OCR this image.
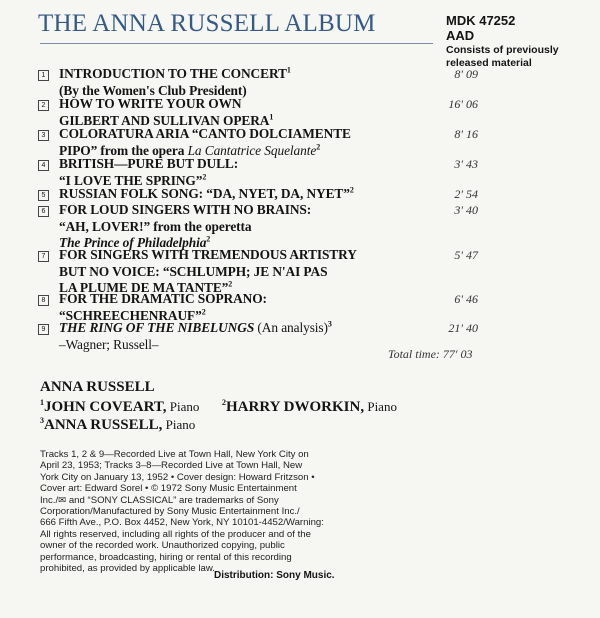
THE ANNA RUSSELL ALBUM	MDK 47252
AAD
Consists of previously
released material
1 INTRODUCTION TO THE CONCERT$^1$
(By the Women's Club President)
8' 09
2 HOW TO WRITE YOUR OWN
GILBERT AND SULLIVAN OPERA$^1$
16' 06
3 COLORATURA ARIA “CANTO DOLCIAMENTE
PIPO” from the opera La Cantatrice Squelante$^2$
8' 16
4 BRITISH—PURE BUT DULL:
“I LOVE THE SPRING”$^2$
3' 43
5 RUSSIAN FOLK SONG: “DA, NYET, DA, NYET”$^2$	2' 54
6 FOR LOUD SINGERS WITH NO BRAINS:
“AH, LOVER!” from the operetta
The Prince of Philadelphia$^2$
3' 40
7 FOR SINGERS WITH TREMENDOUS ARTISTRY
BUT NO VOICE: “SCHLUMPH; JE N'AI PAS
LA PLUME DE MA TANTE”$^2$
5' 47
8 FOR THE DRAMATIC SOPRANO:
“SCHREECHENRAUF”$^2$
6' 46
9 THE RING OF THE NIBELUNGS (An analysis)$^3$
–Wagner; Russell–
21' 40
Total time: 77' 03
ANNA RUSSELL
$^1$JOHN COVEART, Piano	$^2$HARRY DWORKIN, Piano
$^3$ANNA RUSSELL, Piano
Tracks 1, 2 & 9—Recorded Live at Town Hall, New York City on
April 23, 1953; Tracks 3–8—Recorded Live at Town Hall, New
York City on January 13, 1952 • Cover design: Howard Fritzson •
Cover art: Edward Sorel • © 1972 Sony Music Entertainment
Inc./✉ and “SONY CLASSICAL” are trademarks of Sony
Corporation/Manufactured by Sony Music Entertainment Inc./
666 Fifth Ave., P.O. Box 4452, New York, NY 10101-4452/Warning:
All rights reserved, including all rights of the producer and of the
owner of the recorded work. Unauthorized copying, public
performance, broadcasting, hiring or rental of this recording
prohibited, as provided by applicable law.
Distribution: Sony Music.
